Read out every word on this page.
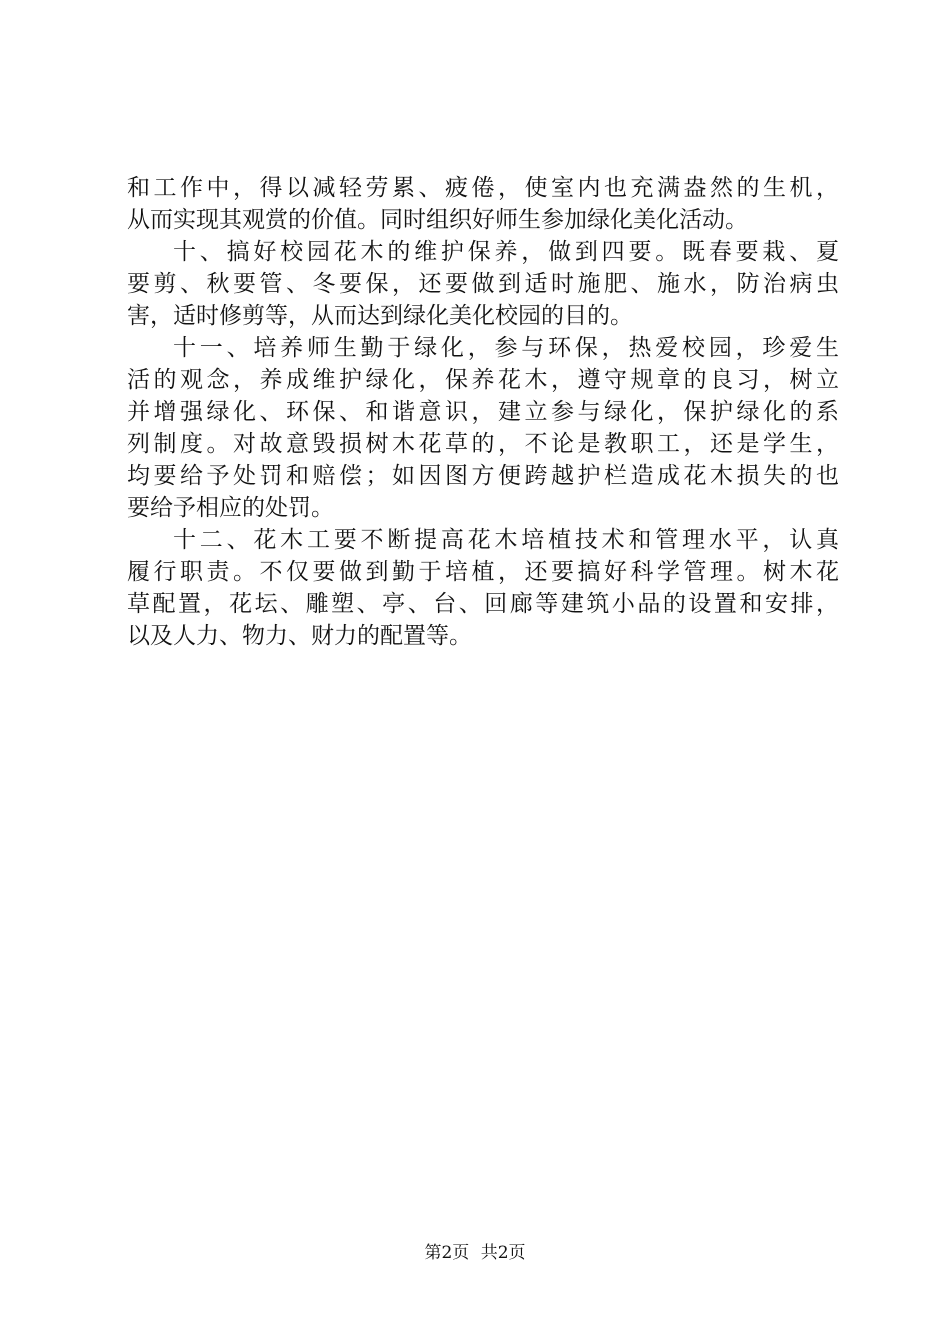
和工作中，得以减轻劳累、疲倦，使室内也充满盎然的生机，
从而实现其观赏的价值。同时组织好师生参加绿化美化活动。
十、搞好校园花木的维护保养，做到四要。既春要栽、夏
要剪、秋要管、冬要保，还要做到适时施肥、施水，防治病虫
害，适时修剪等，从而达到绿化美化校园的目的。
十一、培养师生勤于绿化，参与环保，热爱校园，珍爱生
活的观念，养成维护绿化，保养花木，遵守规章的良习，树立
并增强绿化、环保、和谐意识，建立参与绿化，保护绿化的系
列制度。对故意毁损树木花草的，不论是教职工，还是学生，
均要给予处罚和赔偿；如因图方便跨越护栏造成花木损失的也
要给予相应的处罚。
十二、花木工要不断提高花木培植技术和管理水平，认真
履行职责。不仅要做到勤于培植，还要搞好科学管理。树木花
草配置，花坛、雕塑、亭、台、回廊等建筑小品的设置和安排，
以及人力、物力、财力的配置等。
第2页 共2页
